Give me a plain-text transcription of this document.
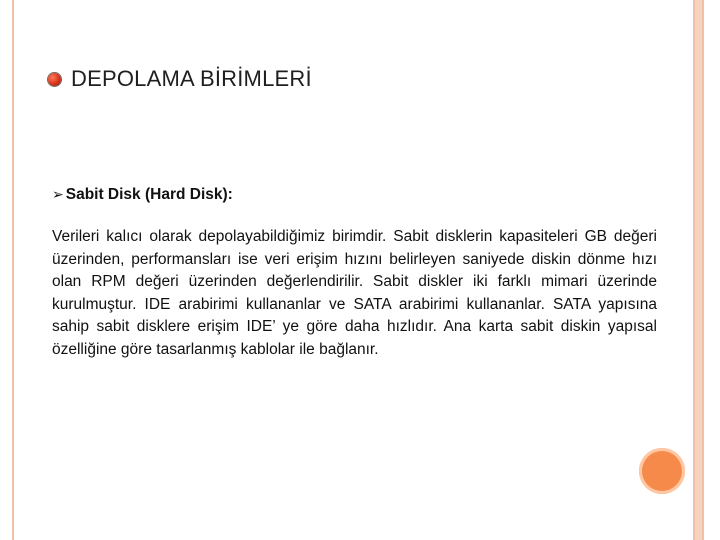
DEPOLAMA BİRİMLERİ
➢ Sabit Disk (Hard Disk):

Verileri kalıcı olarak depolayabildiğimiz birimdir. Sabit disklerin kapasiteleri GB değeri üzerinden, performansları ise veri erişim hızını belirleyen saniyede diskin dönme hızı olan RPM değeri üzerinden değerlendirilir. Sabit diskler iki farklı mimari üzerinde kurulmuştur. IDE arabirimi kullananlar ve SATA arabirimi kullananlar. SATA yapısına sahip sabit disklere erişim IDE’ ye göre daha hızlıdır. Ana karta sabit diskin yapısal özelliğine göre tasarlanmış kablolar ile bağlanır.
